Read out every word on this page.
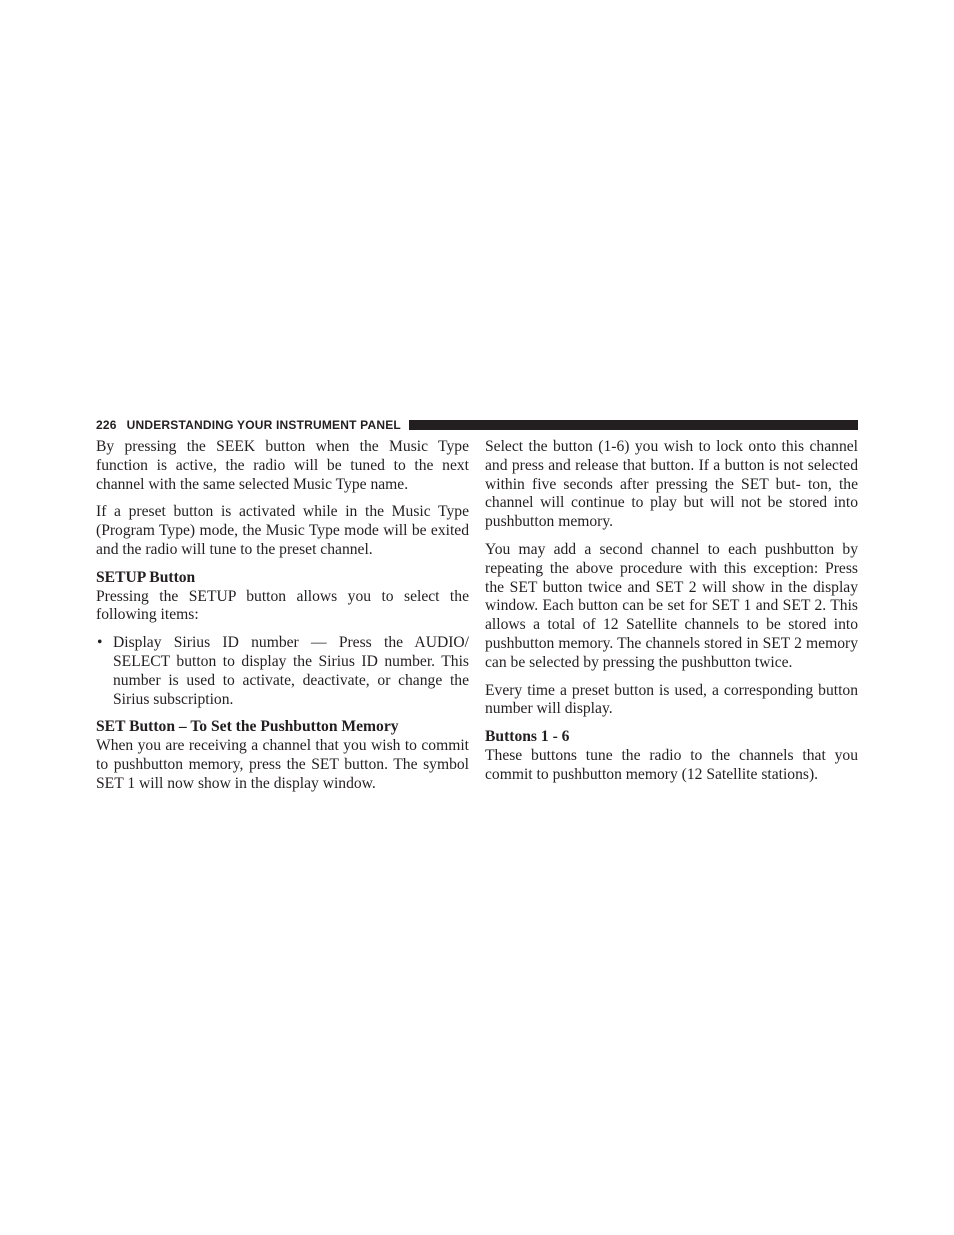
226 UNDERSTANDING YOUR INSTRUMENT PANEL

By pressing the SEEK button when the Music Type function is active, the radio will be tuned to the next channel with the same selected Music Type name.

If a preset button is activated while in the Music Type (Program Type) mode, the Music Type mode will be exited and the radio will tune to the preset channel.

SETUP Button

Pressing the SETUP button allows you to select the following items:

• Display Sirius ID number — Press the AUDIO/ SELECT button to display the Sirius ID number. This number is used to activate, deactivate, or change the Sirius subscription.
SET Button – To Set the Pushbutton Memory

When you are receiving a channel that you wish to commit to pushbutton memory, press the SET button. The symbol SET 1 will now show in the display window.

Select the button (1-6) you wish to lock onto this channel and press and release that button. If a button is not selected within five seconds after pressing the SET but- ton, the channel will continue to play but will not be stored into pushbutton memory.

You may add a second channel to each pushbutton by repeating the above procedure with this exception: Press the SET button twice and SET 2 will show in the display window. Each button can be set for SET 1 and SET 2. This allows a total of 12 Satellite channels to be stored into pushbutton memory. The channels stored in SET 2 memory can be selected by pressing the pushbutton twice.

Every time a preset button is used, a corresponding button number will display.

Buttons 1 - 6

These buttons tune the radio to the channels that you commit to pushbutton memory (12 Satellite stations).
